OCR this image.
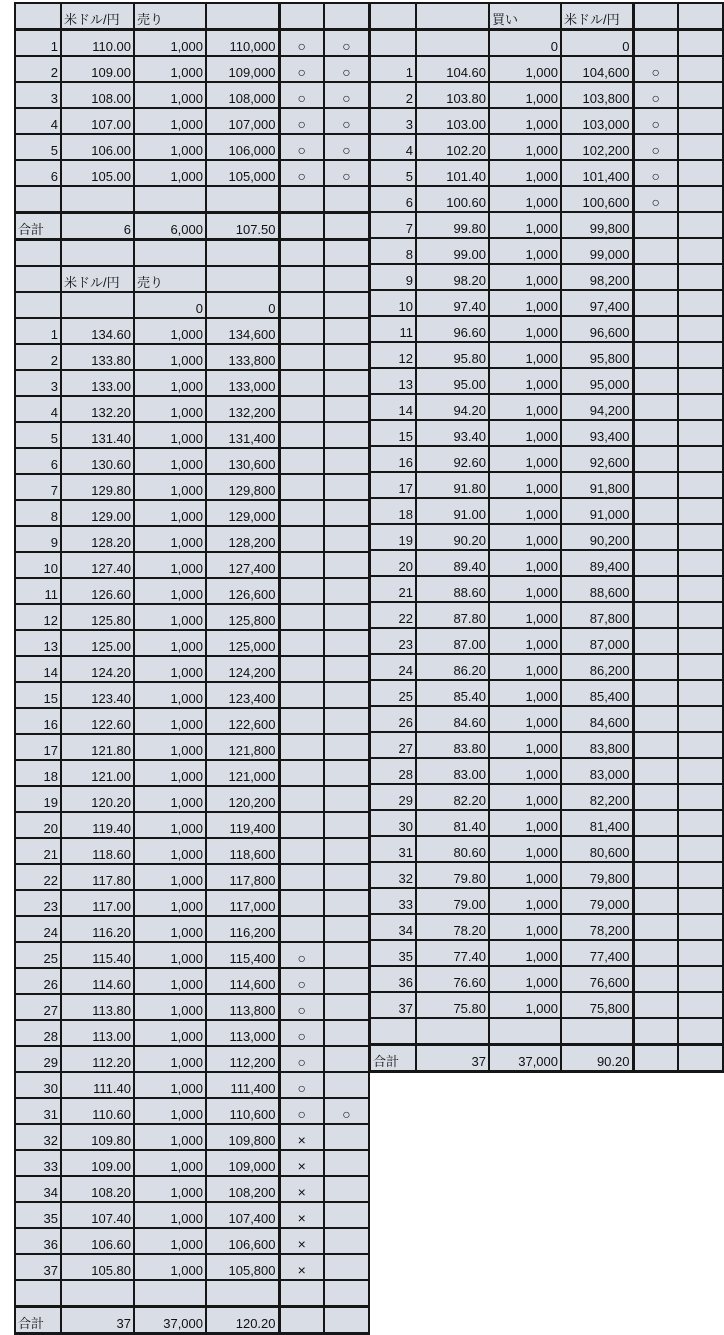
	米ドル/円	売り			
1	110.00	1,000	110,000	○	○
2	109.00	1,000	109,000	○	○
3	108.00	1,000	108,000	○	○
4	107.00	1,000	107,000	○	○
5	106.00	1,000	106,000	○	○
6	105.00	1,000	105,000	○	○

合計	6	6,000	107.50		

	米ドル/円	売り			
		0	0		
1	134.60	1,000	134,600		
2	133.80	1,000	133,800		
3	133.00	1,000	133,000		
4	132.20	1,000	132,200		
5	131.40	1,000	131,400		
6	130.60	1,000	130,600		
7	129.80	1,000	129,800		
8	129.00	1,000	129,000		
9	128.20	1,000	128,200		
10	127.40	1,000	127,400		
11	126.60	1,000	126,600		
12	125.80	1,000	125,800		
13	125.00	1,000	125,000		
14	124.20	1,000	124,200		
15	123.40	1,000	123,400		
16	122.60	1,000	122,600		
17	121.80	1,000	121,800		
18	121.00	1,000	121,000		
19	120.20	1,000	120,200		
20	119.40	1,000	119,400		
21	118.60	1,000	118,600		
22	117.80	1,000	117,800		
23	117.00	1,000	117,000		
24	116.20	1,000	116,200		
25	115.40	1,000	115,400	○	
26	114.60	1,000	114,600	○	
27	113.80	1,000	113,800	○	
28	113.00	1,000	113,000	○	
29	112.20	1,000	112,200	○	
30	111.40	1,000	111,400	○	
31	110.60	1,000	110,600	○	○
32	109.80	1,000	109,800	×	
33	109.00	1,000	109,000	×	
34	108.20	1,000	108,200	×	
35	107.40	1,000	107,400	×	
36	106.60	1,000	106,600	×	
37	105.80	1,000	105,800	×	

合計	37	37,000	120.20		
		買い	米ドル/円		
		0	0		
1	104.60	1,000	104,600	○	
2	103.80	1,000	103,800	○	
3	103.00	1,000	103,000	○	
4	102.20	1,000	102,200	○	
5	101.40	1,000	101,400	○	
6	100.60	1,000	100,600	○	
7	99.80	1,000	99,800		
8	99.00	1,000	99,000		
9	98.20	1,000	98,200		
10	97.40	1,000	97,400		
11	96.60	1,000	96,600		
12	95.80	1,000	95,800		
13	95.00	1,000	95,000		
14	94.20	1,000	94,200		
15	93.40	1,000	93,400		
16	92.60	1,000	92,600		
17	91.80	1,000	91,800		
18	91.00	1,000	91,000		
19	90.20	1,000	90,200		
20	89.40	1,000	89,400		
21	88.60	1,000	88,600		
22	87.80	1,000	87,800		
23	87.00	1,000	87,000		
24	86.20	1,000	86,200		
25	85.40	1,000	85,400		
26	84.60	1,000	84,600		
27	83.80	1,000	83,800		
28	83.00	1,000	83,000		
29	82.20	1,000	82,200		
30	81.40	1,000	81,400		
31	80.60	1,000	80,600		
32	79.80	1,000	79,800		
33	79.00	1,000	79,000		
34	78.20	1,000	78,200		
35	77.40	1,000	77,400		
36	76.60	1,000	76,600		
37	75.80	1,000	75,800		

合計	37	37,000	90.20		
